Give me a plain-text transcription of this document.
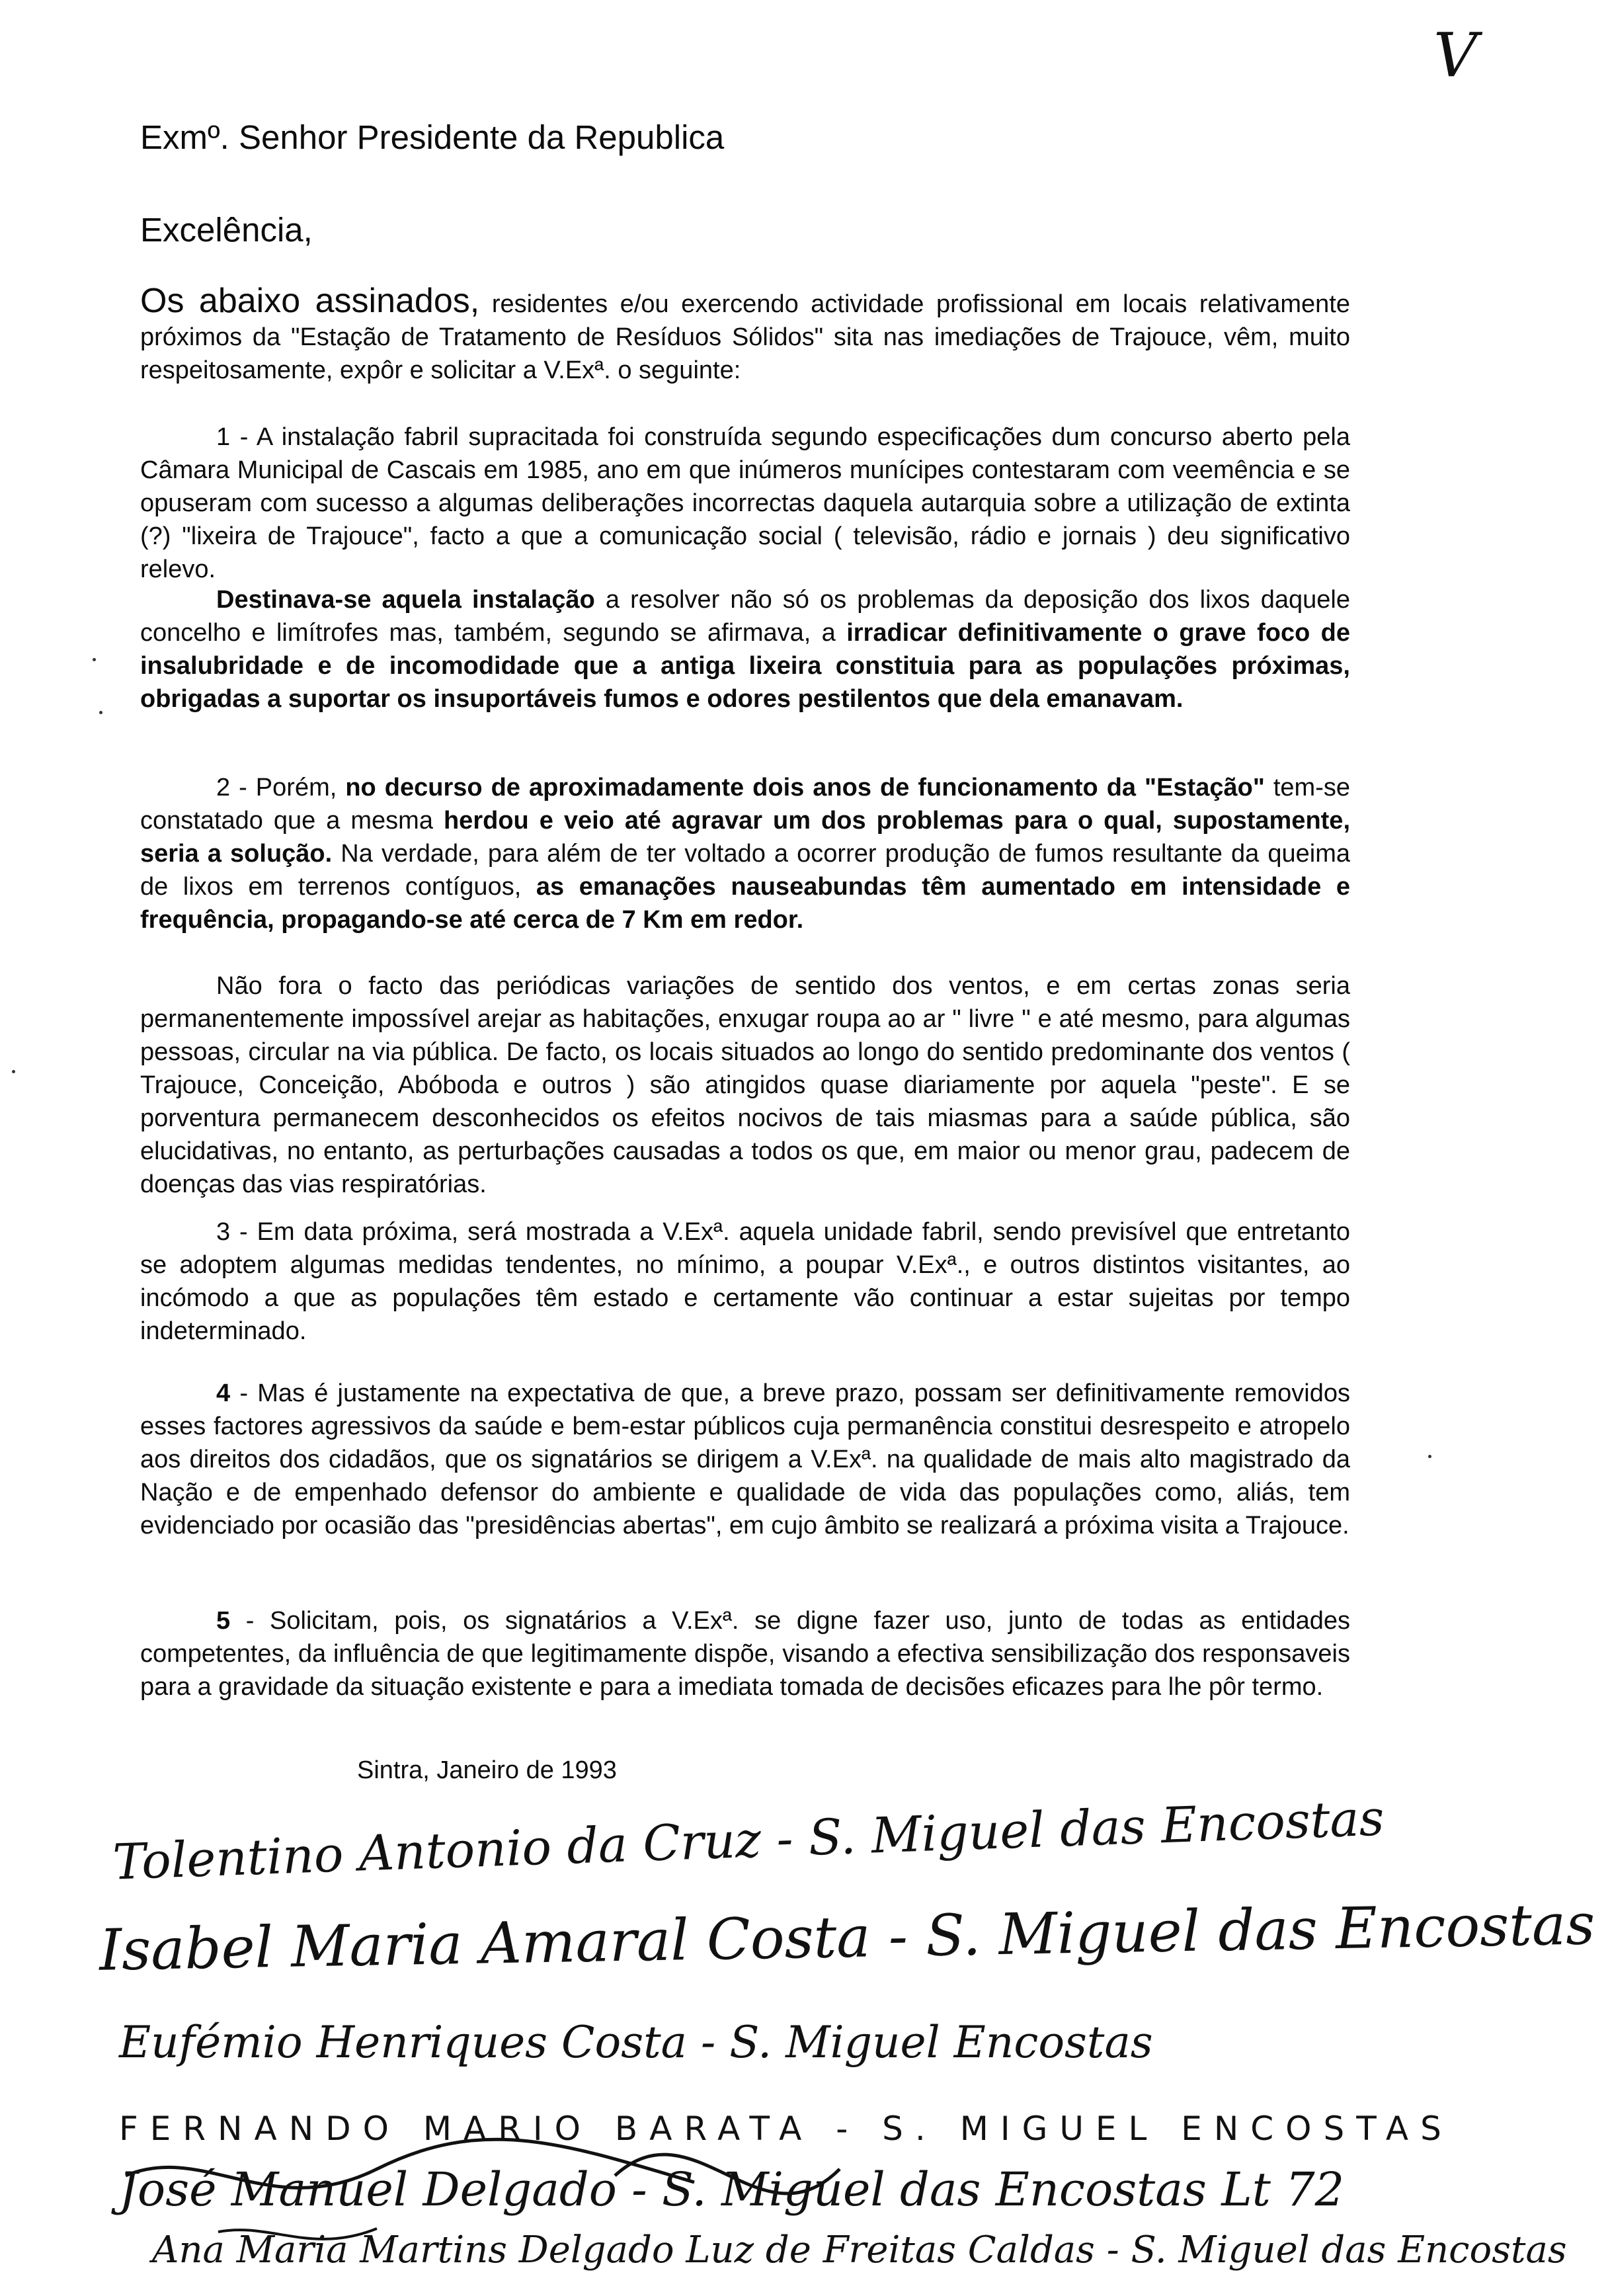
V
Exmº. Senhor Presidente da Republica
Excelência,

Os abaixo assinados, residentes e/ou exercendo actividade profissional em locais relativamente próximos da "Estação de Tratamento de Resíduos Sólidos" sita nas imediações de Trajouce, vêm, muito respeitosamente, expôr e solicitar a V.Exª. o seguinte:

1 - A instalação fabril supracitada foi construída segundo especificações dum concurso aberto pela Câmara Municipal de Cascais em 1985, ano em que inúmeros munícipes contestaram com veemência e se opuseram com sucesso a algumas deliberações incorrectas daquela autarquia sobre a utilização de extinta (?) "lixeira de Trajouce", facto a que a comunicação social ( televisão, rádio e jornais ) deu significativo relevo.

Destinava-se aquela instalação a resolver não só os problemas da deposição dos lixos daquele concelho e limítrofes mas, também, segundo se afirmava, a irradicar definitivamente o grave foco de insalubridade e de incomodidade que a antiga lixeira constituia para as populações próximas, obrigadas a suportar os insuportáveis fumos e odores pestilentos que dela emanavam.

2 - Porém, no decurso de aproximadamente dois anos de funcionamento da "Estação" tem-se constatado que a mesma herdou e veio até agravar um dos problemas para o qual, supostamente, seria a solução. Na verdade, para além de ter voltado a ocorrer produção de fumos resultante da queima de lixos em terrenos contíguos, as emanações nauseabundas têm aumentado em intensidade e frequência, propagando-se até cerca de 7 Km em redor.

Não fora o facto das periódicas variações de sentido dos ventos, e em certas zonas seria permanentemente impossível arejar as habitações, enxugar roupa ao ar " livre " e até mesmo, para algumas pessoas, circular na via pública. De facto, os locais situados ao longo do sentido predominante dos ventos ( Trajouce, Conceição, Abóboda e outros ) são atingidos quase diariamente por aquela "peste". E se porventura permanecem desconhecidos os efeitos nocivos de tais miasmas para a saúde pública, são elucidativas, no entanto, as perturbações causadas a todos os que, em maior ou menor grau, padecem de doenças das vias respiratórias.

3 - Em data próxima, será mostrada a V.Exª. aquela unidade fabril, sendo previsível que entretanto se adoptem algumas medidas tendentes, no mínimo, a poupar V.Exª., e outros distintos visitantes, ao incómodo a que as populações têm estado e certamente vão continuar a estar sujeitas por tempo indeterminado.

4 - Mas é justamente na expectativa de que, a breve prazo, possam ser definitivamente removidos esses factores agressivos da saúde e bem-estar públicos cuja permanência constitui desrespeito e atropelo aos direitos dos cidadãos, que os signatários se dirigem a V.Exª. na qualidade de mais alto magistrado da Nação e de empenhado defensor do ambiente e qualidade de vida das populações como, aliás, tem evidenciado por ocasião das "presidências abertas", em cujo âmbito se realizará a próxima visita a Trajouce.

5 - Solicitam, pois, os signatários a V.Exª. se digne fazer uso, junto de todas as entidades competentes, da influência de que legitimamente dispõe, visando a efectiva sensibilização dos responsaveis para a gravidade da situação existente e para a imediata tomada de decisões eficazes para lhe pôr termo.

Sintra, Janeiro de 1993
Tolentino Antonio da Cruz - S. Miguel das Encostas
Isabel Maria Amaral Costa - S. Miguel das Encostas
Eufémio Henriques Costa - S. Miguel Encostas
FERNANDO MARIO BARATA - S. MIGUEL ENCOSTAS
José Manuel Delgado - S. Miguel das Encostas Lt 72
Ana Maria Martins Delgado Luz de Freitas Caldas - S. Miguel das Encostas
